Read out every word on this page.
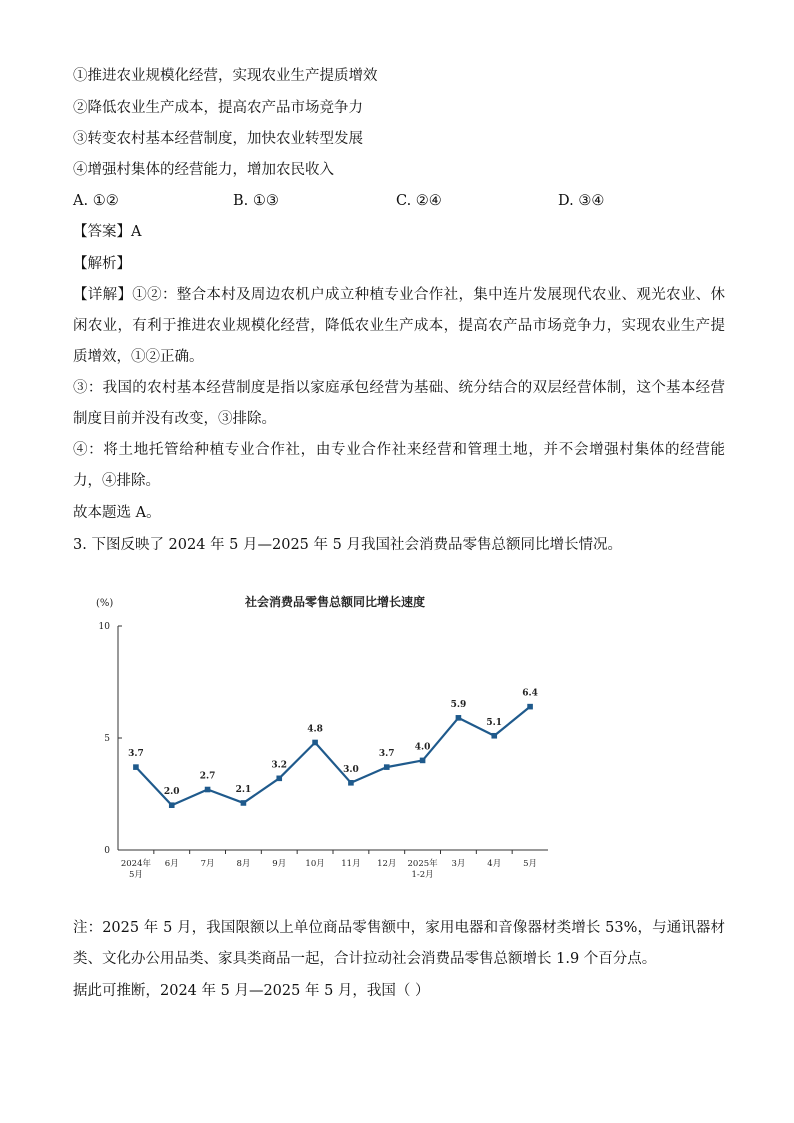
①推进农业规模化经营，实现农业生产提质增效
②降低农业生产成本，提高农产品市场竞争力
③转变农村基本经营制度，加快农业转型发展
④增强村集体的经营能力，增加农民收入
A. ①②	B. ①③	C. ②④	D. ③④
【答案】A
【解析】
【详解】①②：整合本村及周边农机户成立种植专业合作社，集中连片发展现代农业、观光农业、休闲农业，有利于推进农业规模化经营，降低农业生产成本，提高农产品市场竞争力，实现农业生产提质增效，①②正确。
③：我国的农村基本经营制度是指以家庭承包经营为基础、统分结合的双层经营体制，这个基本经营制度目前并没有改变，③排除。
④：将土地托管给种植专业合作社，由专业合作社来经营和管理土地，并不会增强村集体的经营能力，④排除。
故本题选 A。
3. 下图反映了 2024 年 5 月—2025 年 5 月我国社会消费品零售总额同比增长情况。
(%)	社会消费品零售总额同比增长速度
0
5
10
3.7
2.0
2.7
2.1
3.2
4.8
3.0
3.7
4.0
5.9
5.1
6.4
2024年
5月
6月	7月	8月	9月 10月 11月 12月 2025年
1-2月
3月	4月	5月
注：2025 年 5 月，我国限额以上单位商品零售额中，家用电器和音像器材类增长 53%，与通讯器材类、文化办公用品类、家具类商品一起，合计拉动社会消费品零售总额增长 1.9 个百分点。
据此可推断，2024 年 5 月—2025 年 5 月，我国（ ）
